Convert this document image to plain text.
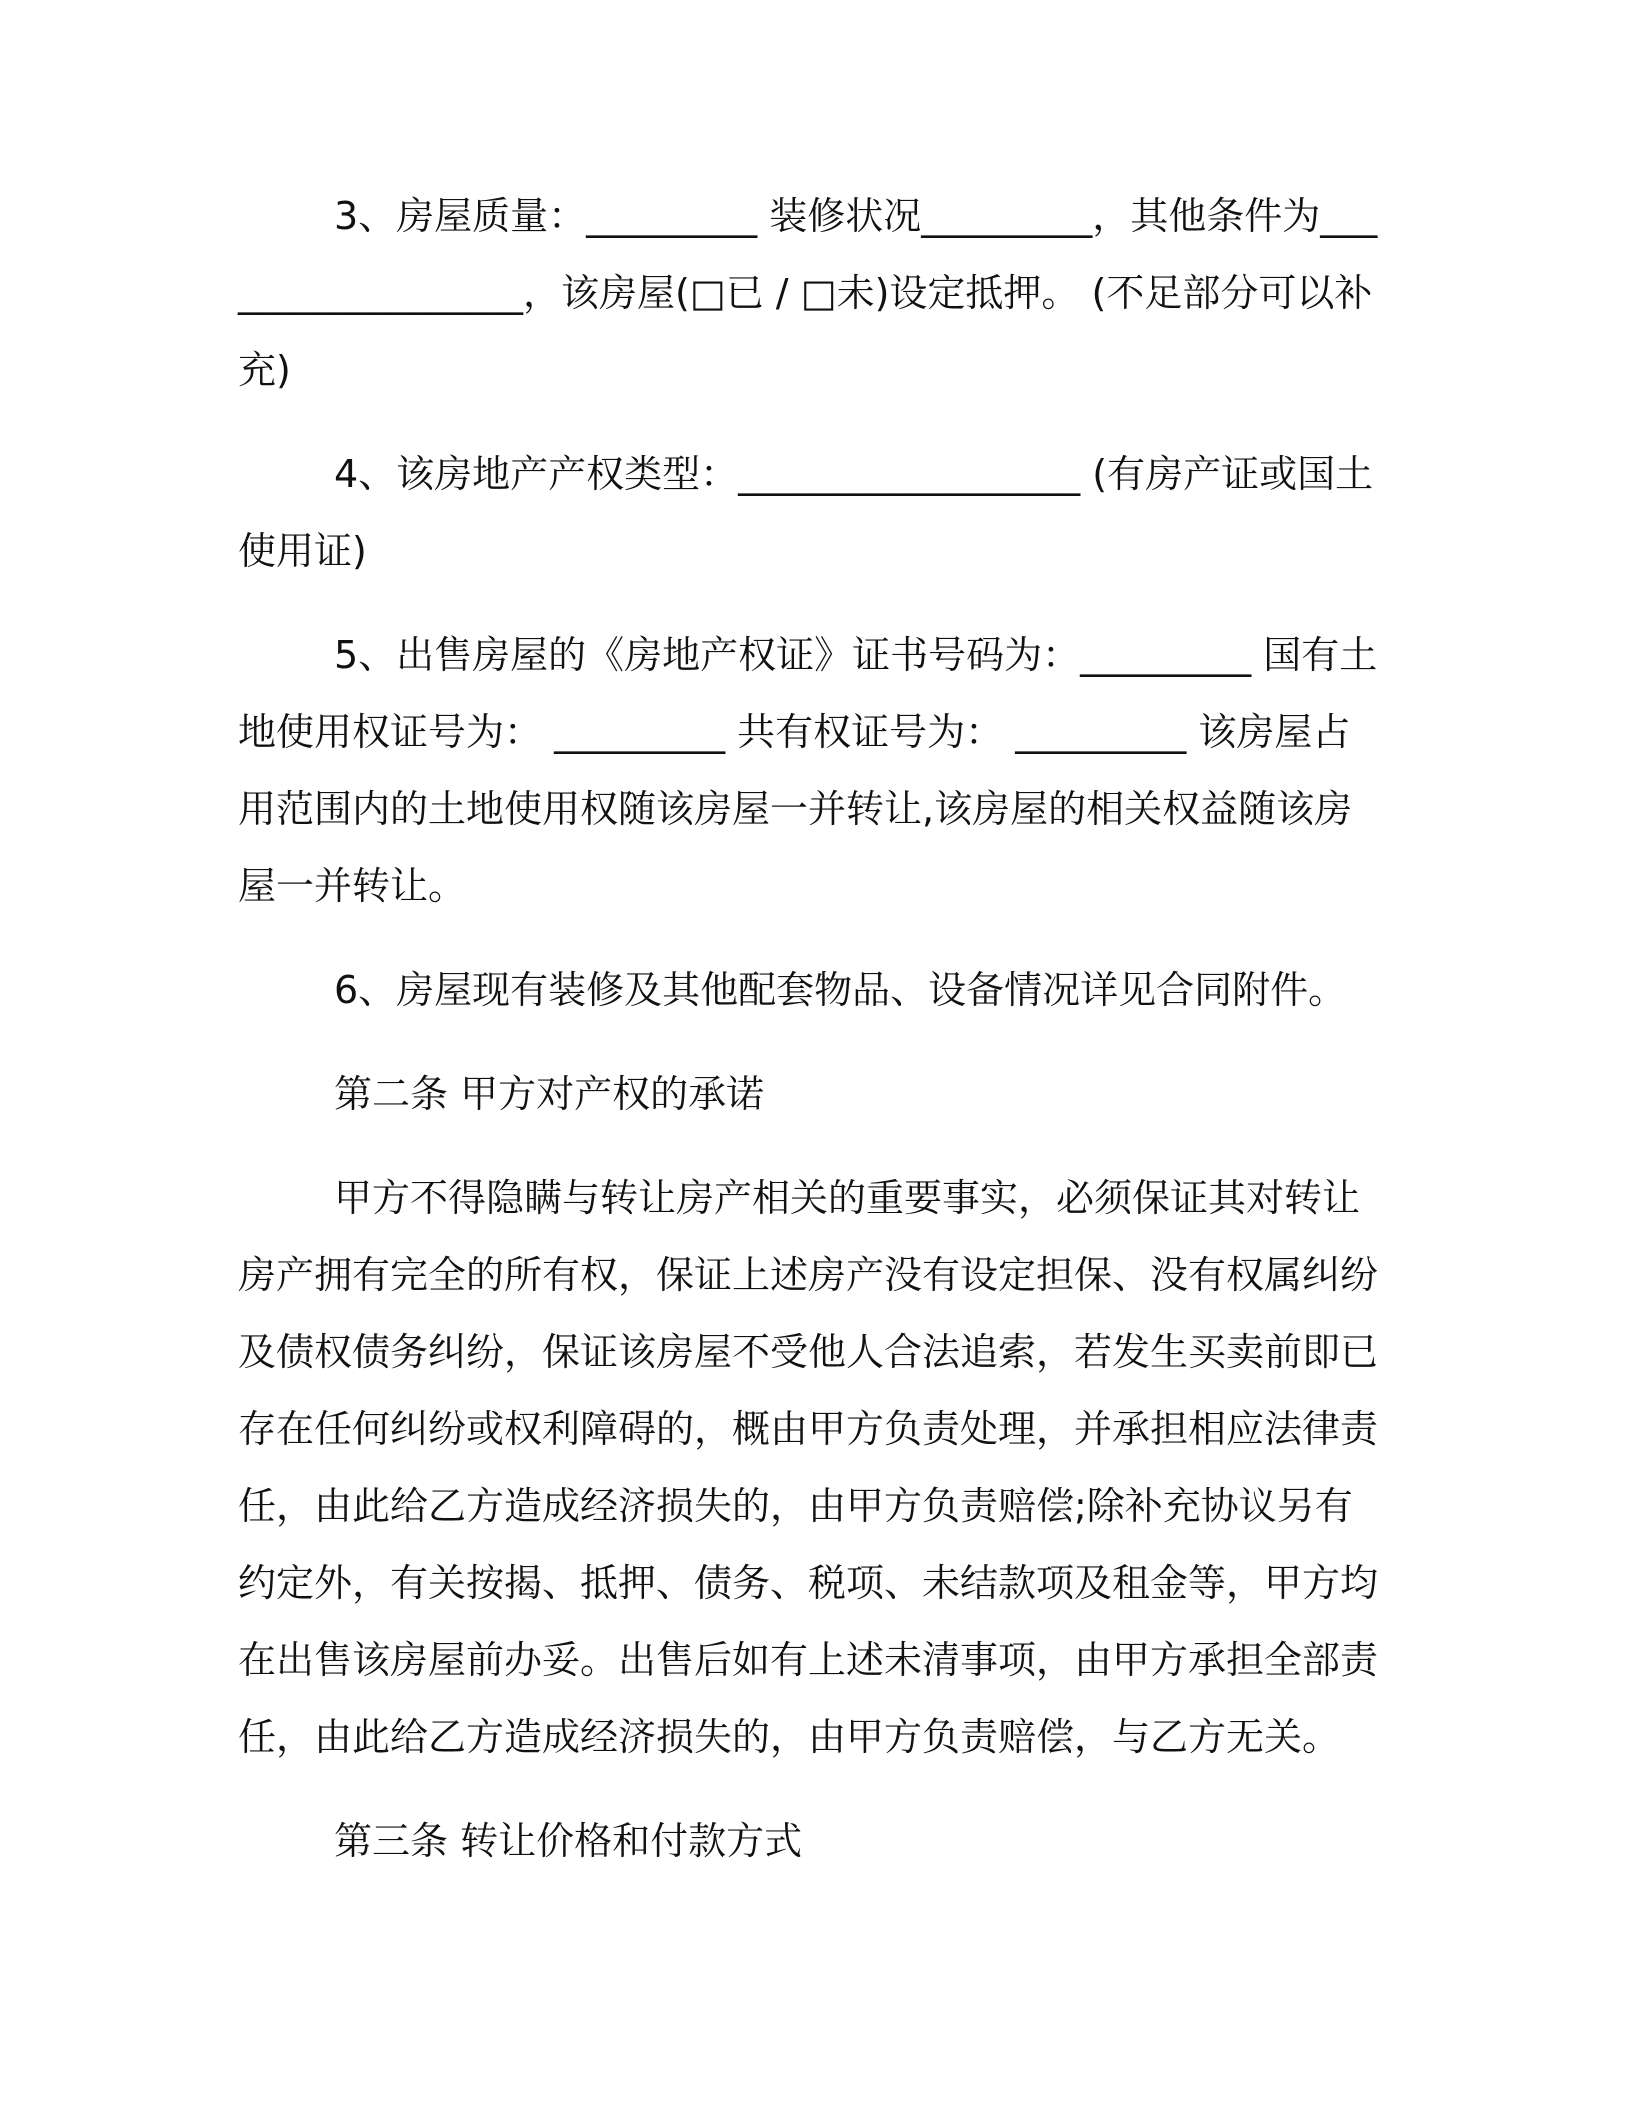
3、房屋质量：_________ 装修状况_________，其他条件为__________________，该房屋(□已 / □未)设定抵押。 (不足部分可以补充)

4、该房地产产权类型：__________________ (有房产证或国土使用证)

5、出售房屋的《房地产权证》证书号码为：_________ 国有土地使用权证号为： _________ 共有权证号为： _________ 该房屋占用范围内的土地使用权随该房屋一并转让,该房屋的相关权益随该房屋一并转让。

6、房屋现有装修及其他配套物品、设备情况详见合同附件。

第二条 甲方对产权的承诺

甲方不得隐瞒与转让房产相关的重要事实，必须保证其对转让房产拥有完全的所有权，保证上述房产没有设定担保、没有权属纠纷及债权债务纠纷，保证该房屋不受他人合法追索，若发生买卖前即已存在任何纠纷或权利障碍的，概由甲方负责处理，并承担相应法律责任，由此给乙方造成经济损失的，由甲方负责赔偿;除补充协议另有约定外，有关按揭、抵押、债务、税项、未结款项及租金等，甲方均在出售该房屋前办妥。出售后如有上述未清事项，由甲方承担全部责任，由此给乙方造成经济损失的，由甲方负责赔偿，与乙方无关。

第三条 转让价格和付款方式
